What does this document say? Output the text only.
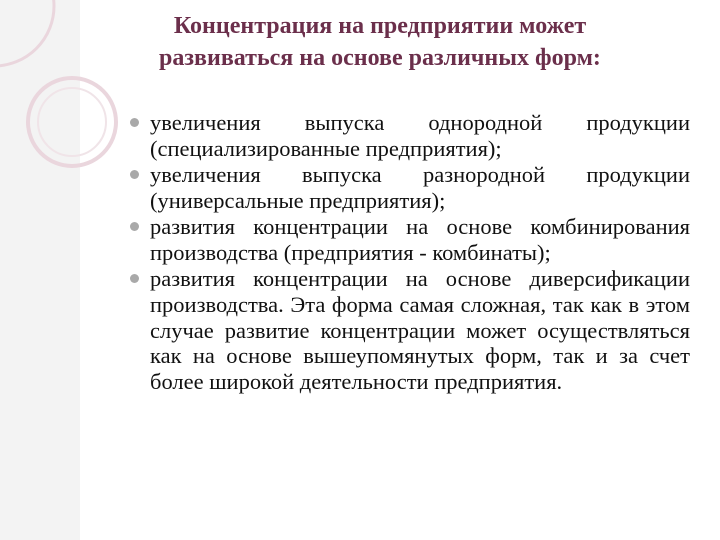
Концентрация на предприятии может
развиваться на основе различных форм:
увеличения выпуска однородной продукции (специализированные предприятия);
увеличения выпуска разнородной продукции (универсальные предприятия);
развития концентрации на основе комбинирования производства (предприятия - комбинаты);
развития концентрации на основе диверсификации производства. Эта форма самая сложная, так как в этом случае развитие концентрации может осуществляться как на основе вышеупомянутых форм, так и за счет более широкой деятельности предприятия.
